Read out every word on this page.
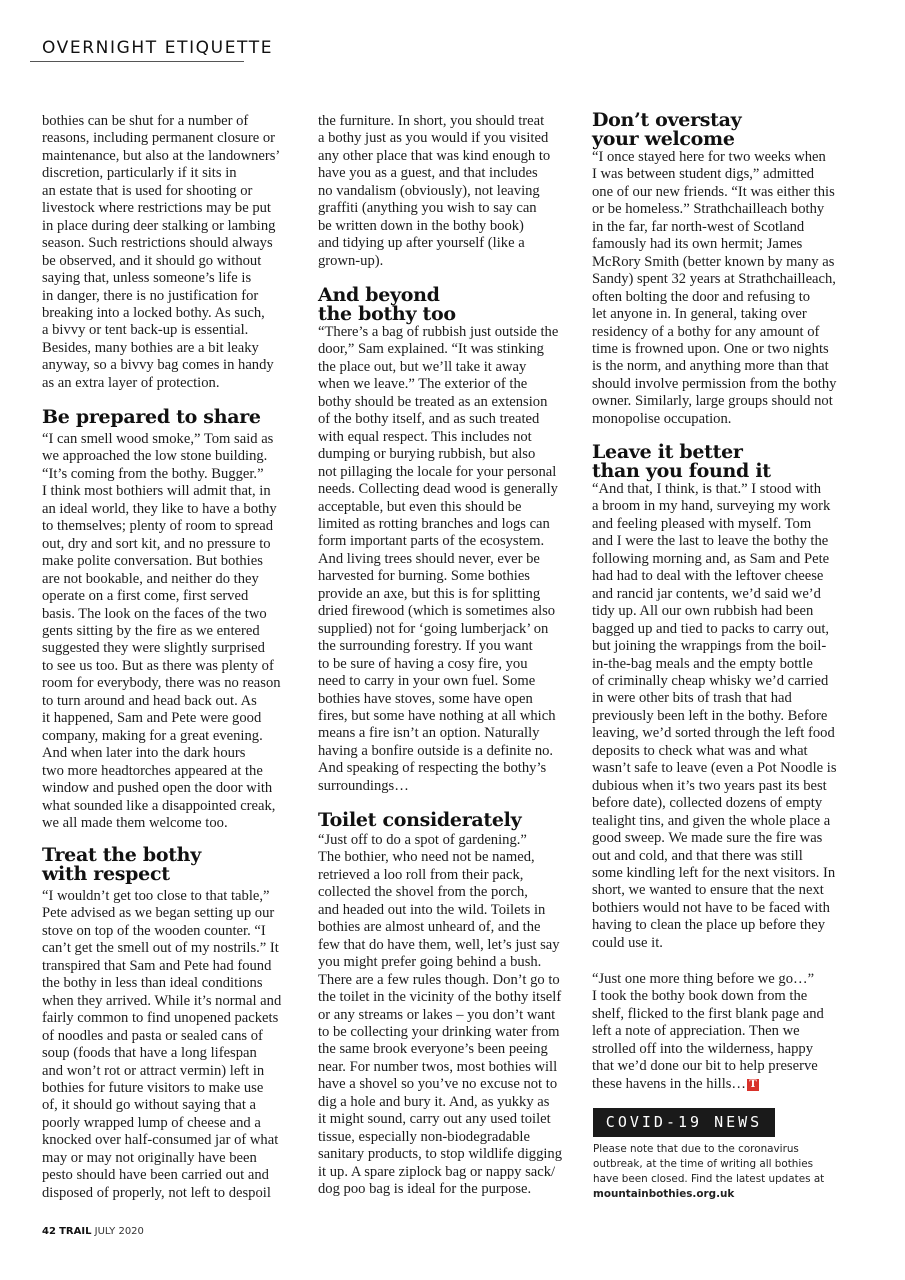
OVERNIGHT ETIQUETTE
bothies can be shut for a number of
reasons, including permanent closure or
maintenance, but also at the landowners’
discretion, particularly if it sits in
an estate that is used for shooting or
livestock where restrictions may be put
in place during deer stalking or lambing
season. Such restrictions should always
be observed, and it should go without
saying that, unless someone’s life is
in danger, there is no justification for
breaking into a locked bothy. As such,
a bivvy or tent back-up is essential.
Besides, many bothies are a bit leaky
anyway, so a bivvy bag comes in handy
as an extra layer of protection.
Be prepared to share
“I can smell wood smoke,” Tom said as
we approached the low stone building.
“It’s coming from the bothy. Bugger.”
I think most bothiers will admit that, in
an ideal world, they like to have a bothy
to themselves; plenty of room to spread
out, dry and sort kit, and no pressure to
make polite conversation. But bothies
are not bookable, and neither do they
operate on a first come, first served
basis. The look on the faces of the two
gents sitting by the fire as we entered
suggested they were slightly surprised
to see us too. But as there was plenty of
room for everybody, there was no reason
to turn around and head back out. As
it happened, Sam and Pete were good
company, making for a great evening.
And when later into the dark hours
two more headtorches appeared at the
window and pushed open the door with
what sounded like a disappointed creak,
we all made them welcome too.
Treat the bothy
with respect
“I wouldn’t get too close to that table,”
Pete advised as we began setting up our
stove on top of the wooden counter. “I
can’t get the smell out of my nostrils.” It
transpired that Sam and Pete had found
the bothy in less than ideal conditions
when they arrived. While it’s normal and
fairly common to find unopened packets
of noodles and pasta or sealed cans of
soup (foods that have a long lifespan
and won’t rot or attract vermin) left in
bothies for future visitors to make use
of, it should go without saying that a
poorly wrapped lump of cheese and a
knocked over half-consumed jar of what
may or may not originally have been
pesto should have been carried out and
disposed of properly, not left to despoil
the furniture. In short, you should treat
a bothy just as you would if you visited
any other place that was kind enough to
have you as a guest, and that includes
no vandalism (obviously), not leaving
graffiti (anything you wish to say can
be written down in the bothy book)
and tidying up after yourself (like a
grown-up).
And beyond
the bothy too
“There’s a bag of rubbish just outside the
door,” Sam explained. “It was stinking
the place out, but we’ll take it away
when we leave.” The exterior of the
bothy should be treated as an extension
of the bothy itself, and as such treated
with equal respect. This includes not
dumping or burying rubbish, but also
not pillaging the locale for your personal
needs. Collecting dead wood is generally
acceptable, but even this should be
limited as rotting branches and logs can
form important parts of the ecosystem.
And living trees should never, ever be
harvested for burning. Some bothies
provide an axe, but this is for splitting
dried firewood (which is sometimes also
supplied) not for ‘going lumberjack’ on
the surrounding forestry. If you want
to be sure of having a cosy fire, you
need to carry in your own fuel. Some
bothies have stoves, some have open
fires, but some have nothing at all which
means a fire isn’t an option. Naturally
having a bonfire outside is a definite no.
And speaking of respecting the bothy’s
surroundings…
Toilet considerately
“Just off to do a spot of gardening.”
The bothier, who need not be named,
retrieved a loo roll from their pack,
collected the shovel from the porch,
and headed out into the wild. Toilets in
bothies are almost unheard of, and the
few that do have them, well, let’s just say
you might prefer going behind a bush.
There are a few rules though. Don’t go to
the toilet in the vicinity of the bothy itself
or any streams or lakes – you don’t want
to be collecting your drinking water from
the same brook everyone’s been peeing
near. For number twos, most bothies will
have a shovel so you’ve no excuse not to
dig a hole and bury it. And, as yukky as
it might sound, carry out any used toilet
tissue, especially non-biodegradable
sanitary products, to stop wildlife digging
it up. A spare ziplock bag or nappy sack/
dog poo bag is ideal for the purpose.
Don’t overstay
your welcome
“I once stayed here for two weeks when
I was between student digs,” admitted
one of our new friends. “It was either this
or be homeless.” Strathchailleach bothy
in the far, far north-west of Scotland
famously had its own hermit; James
McRory Smith (better known by many as
Sandy) spent 32 years at Strathchailleach,
often bolting the door and refusing to
let anyone in. In general, taking over
residency of a bothy for any amount of
time is frowned upon. One or two nights
is the norm, and anything more than that
should involve permission from the bothy
owner. Similarly, large groups should not
monopolise occupation.
Leave it better
than you found it
“And that, I think, is that.” I stood with
a broom in my hand, surveying my work
and feeling pleased with myself. Tom
and I were the last to leave the bothy the
following morning and, as Sam and Pete
had had to deal with the leftover cheese
and rancid jar contents, we’d said we’d
tidy up. All our own rubbish had been
bagged up and tied to packs to carry out,
but joining the wrappings from the boil-
in-the-bag meals and the empty bottle
of criminally cheap whisky we’d carried
in were other bits of trash that had
previously been left in the bothy. Before
leaving, we’d sorted through the left food
deposits to check what was and what
wasn’t safe to leave (even a Pot Noodle is
dubious when it’s two years past its best
before date), collected dozens of empty
tealight tins, and given the whole place a
good sweep. We made sure the fire was
out and cold, and that there was still
some kindling left for the next visitors. In
short, we wanted to ensure that the next
bothiers would not have to be faced with
having to clean the place up before they
could use it.
“Just one more thing before we go…”
I took the bothy book down from the
shelf, flicked to the first blank page and
left a note of appreciation. Then we
strolled off into the wilderness, happy
that we’d done our bit to help preserve
these havens in the hills… T
COVID-19 NEWS
Please note that due to the coronavirus
outbreak, at the time of writing all bothies
have been closed. Find the latest updates at
mountainbothies.org.uk
42 TRAIL JULY 2020
